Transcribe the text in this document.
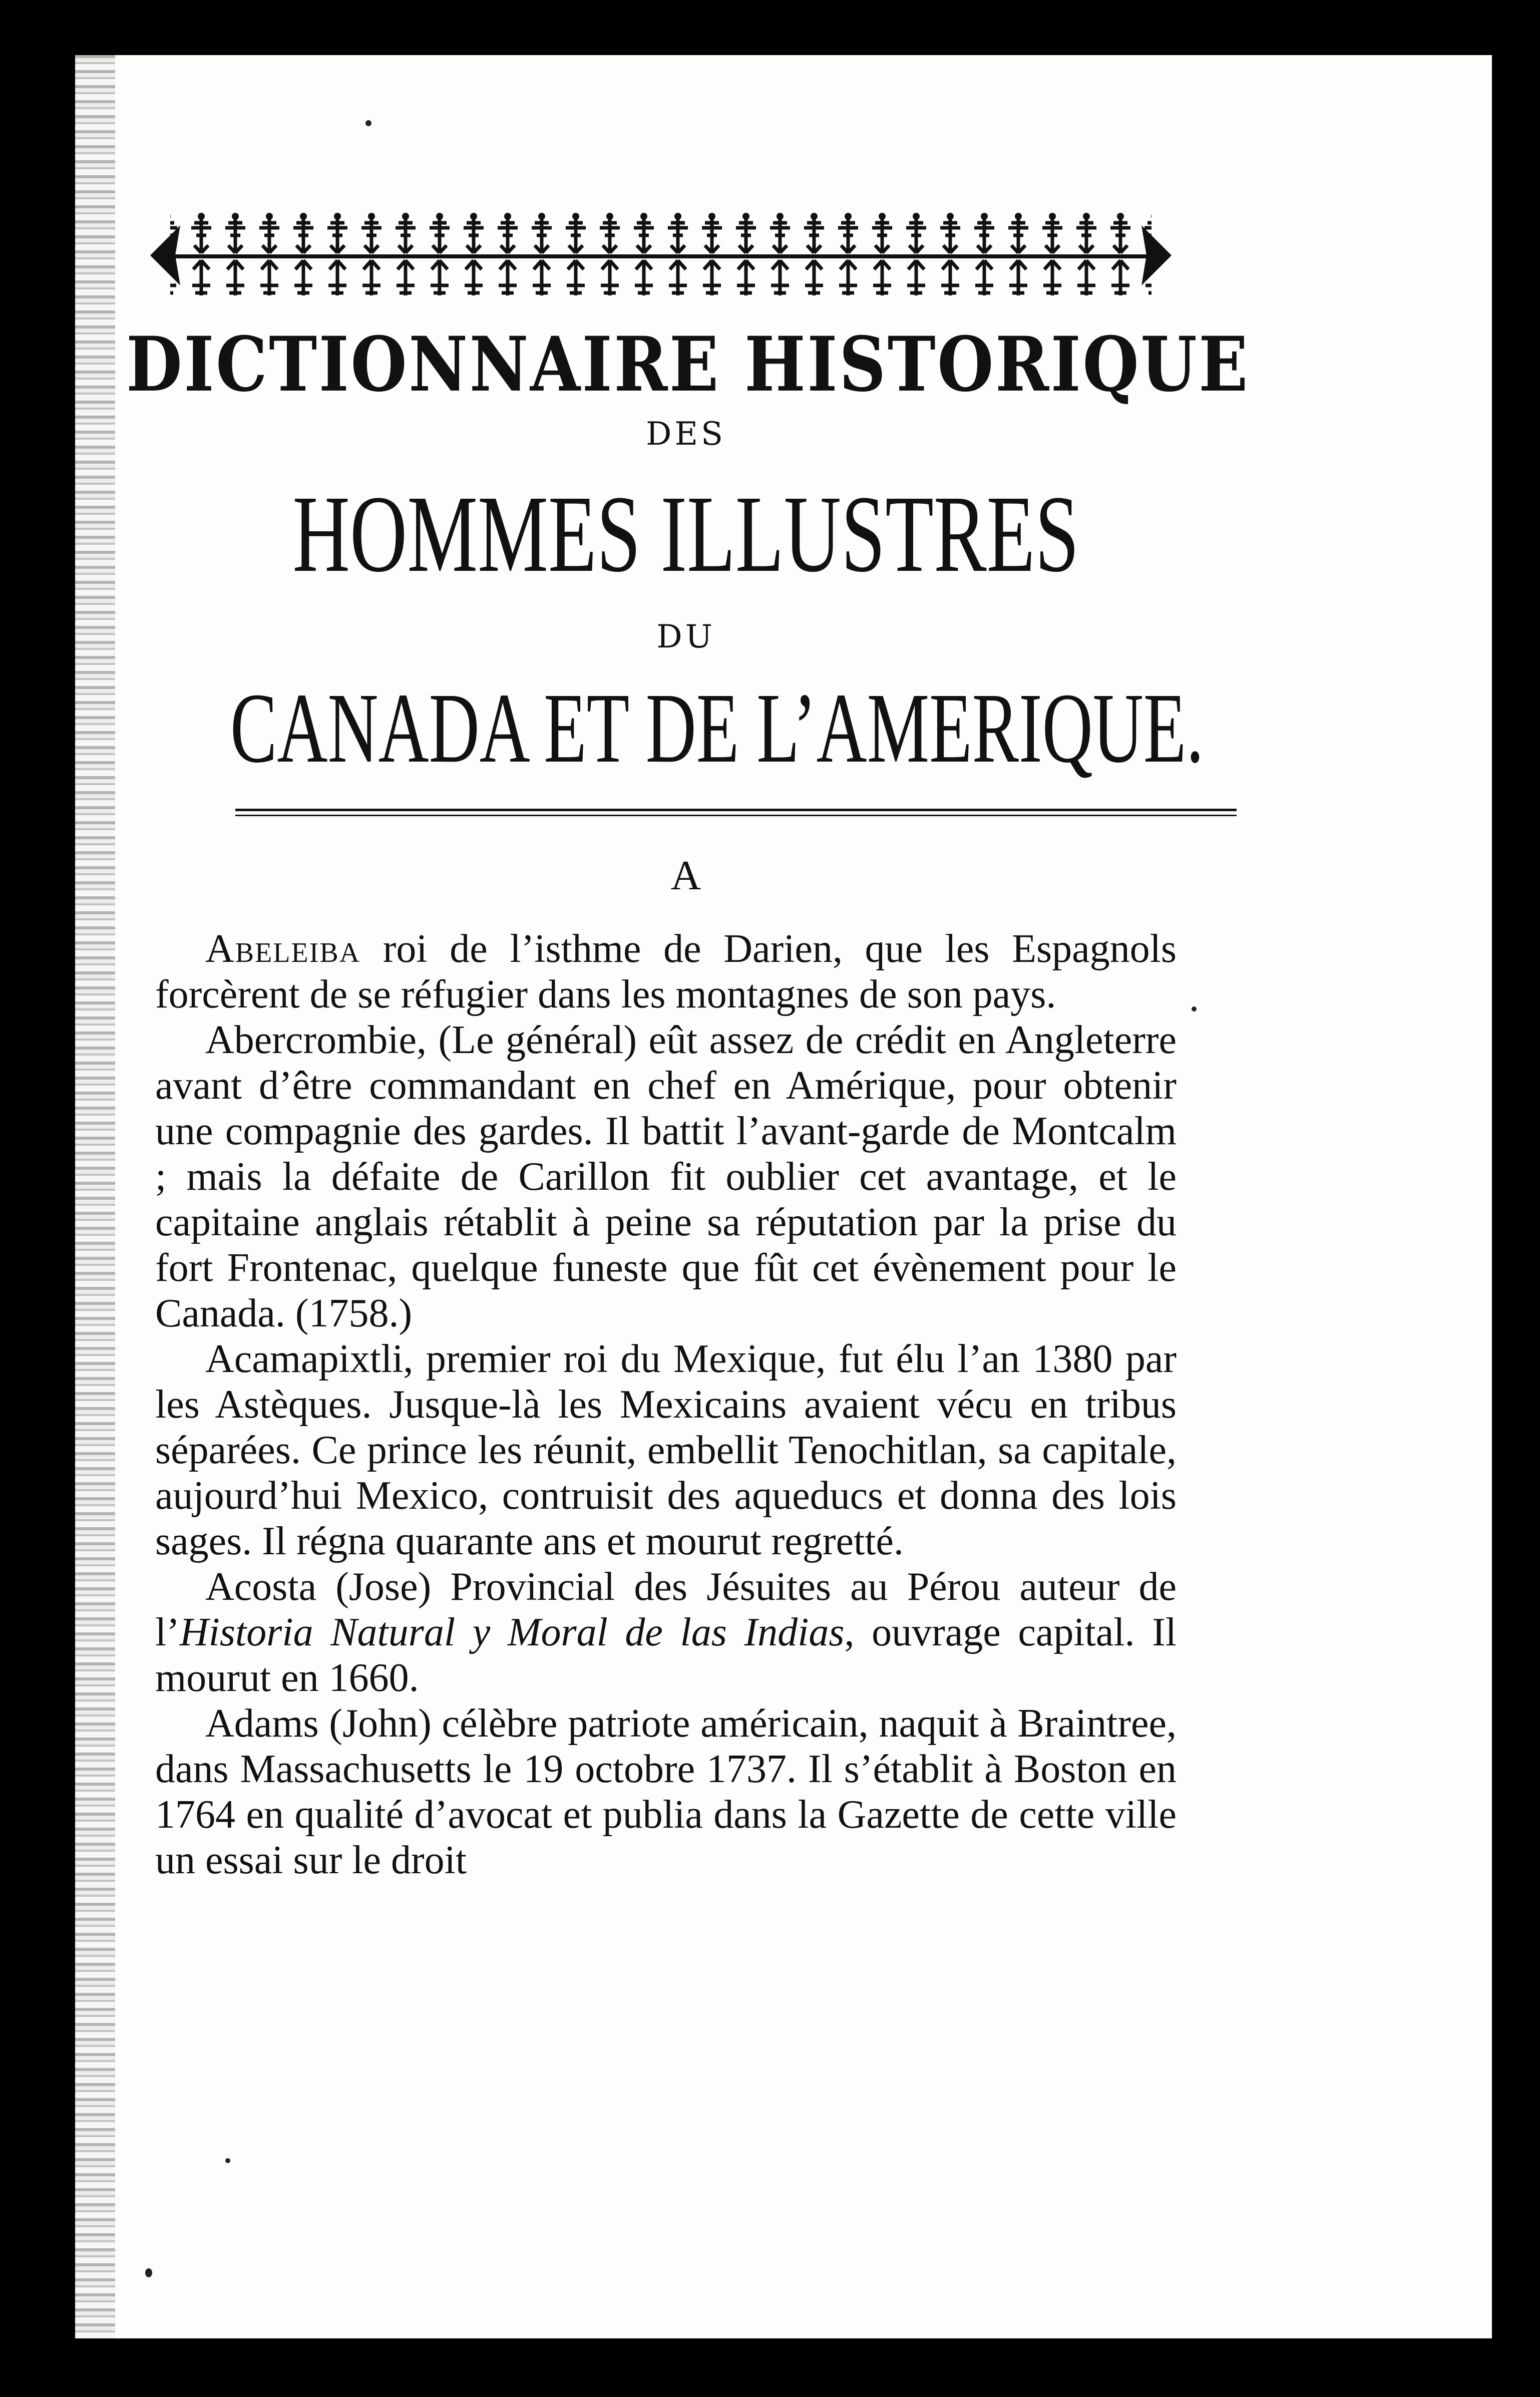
DICTIONNAIRE HISTORIQUE
DES
HOMMES ILLUSTRES
DU
CANADA ET DE L’AMERIQUE.
A

Abeleiba roi de l’isthme de Darien, que les Espagnols forcèrent de se réfugier dans les montagnes de son pays.

Abercrombie, (Le général) eût assez de crédit en Angleterre avant d’être commandant en chef en Amérique, pour obtenir une compagnie des gardes. Il battit l’avant-garde de Montcalm ; mais la défaite de Carillon fit oublier cet avantage, et le capitaine anglais rétablit à peine sa réputation par la prise du fort Frontenac, quelque funeste que fût cet évènement pour le Canada. (1758.)

Acamapixtli, premier roi du Mexique, fut élu l’an 1380 par les Astèques. Jusque-là les Mexicains avaient vécu en tribus séparées. Ce prince les réunit, embellit Tenochitlan, sa capitale, aujourd’hui Mexico, contruisit des aqueducs et donna des lois sages. Il régna quarante ans et mourut regretté.

Acosta (Jose) Provincial des Jésuites au Pérou auteur de l’Historia Natural y Moral de las Indias, ouvrage capital. Il mourut en 1660.

Adams (John) célèbre patriote américain, naquit à Braintree, dans Massachusetts le 19 octobre 1737. Il s’établit à Boston en 1764 en qualité d’avocat et publia dans la Gazette de cette ville un essai sur le droit
